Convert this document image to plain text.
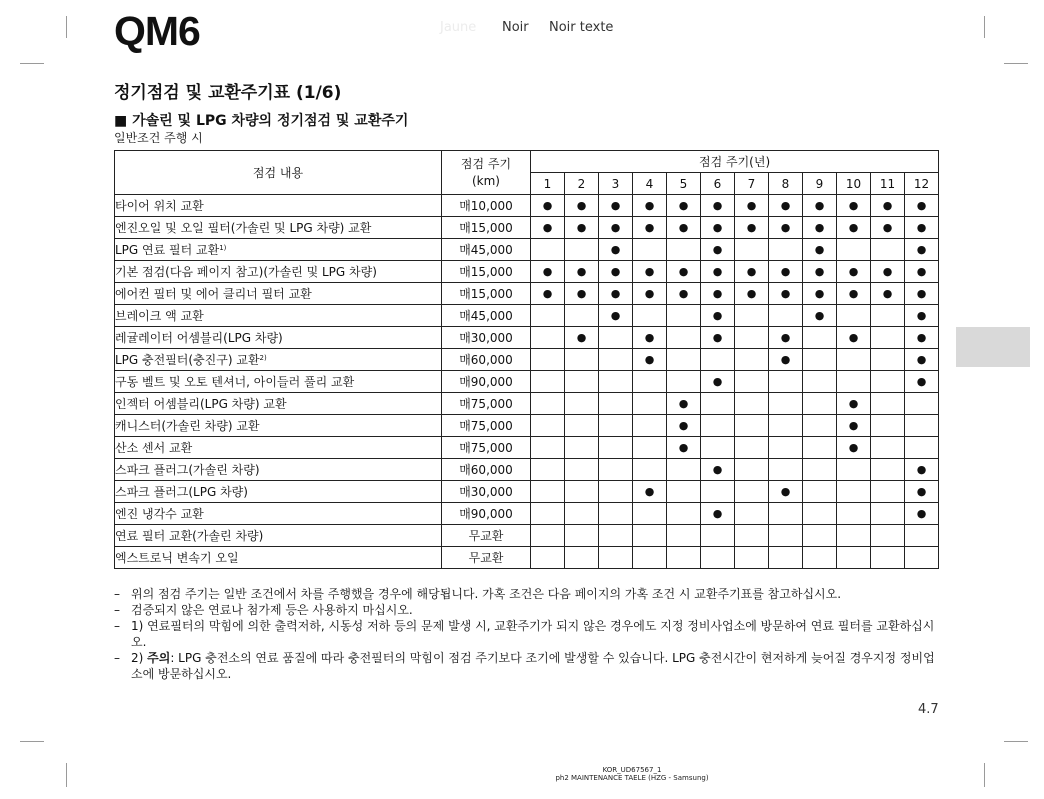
QM6	Jaune Noir Noir texte
정기점검 및 교환주기표 (1/6)
■ 가솔린 및 LPG 차량의 정기점검 및 교환주기

일반조건 주행 시

점검 내용	점검 주기
(km)	점검 주기(년)											
		1	2	3	4	5	6	7	8	9	10	11	12
타이어 위치 교환	매10,000	●	●	●	●	●	●	●	●	●	●	●	●
엔진오일 및 오일 필터(가솔린 및 LPG 차량) 교환	매15,000	●	●	●	●	●	●	●	●	●	●	●	●
LPG 연료 필터 교환$^{1)}$	매45,000			●			●			●			●
기본 점검(다음 페이지 참고)(가솔린 및 LPG 차량)	매15,000	●	●	●	●	●	●	●	●	●	●	●	●
에어컨 필터 및 에어 클리너 필터 교환	매15,000	●	●	●	●	●	●	●	●	●	●	●	●
브레이크 액 교환	매45,000			●			●			●			●
레귤레이터 어셈블리(LPG 차량)	매30,000		●		●		●		●		●		●
LPG 충전필터(충진구) 교환$^{2)}$	매60,000				●				●				●
구동 벨트 및 오토 텐셔너, 아이들러 풀리 교환	매90,000						●						●
인젝터 어셈블리(LPG 차량) 교환	매75,000					●					●		
캐니스터(가솔린 차량) 교환	매75,000					●					●		
산소 센서 교환	매75,000					●					●		
스파크 플러그(가솔린 차량)	매60,000						●						●
스파크 플러그(LPG 차량)	매30,000				●				●				●
엔진 냉각수 교환	매90,000						●						●
연료 필터 교환(가솔린 차량)	무교환												
엑스트로닉 변속기 오일	무교환												

– 위의 점검 주기는 일반 조건에서 차를 주행했을 경우에 해당됩니다. 가혹 조건은 다음 페이지의 가혹 조건 시 교환주기표를 참고하십시오.

– 검증되지 않은 연료나 첨가제 등은 사용하지 마십시오.

– 1) 연료필터의 막힘에 의한 출력저하, 시동성 저하 등의 문제 발생 시, 교환주기가 되지 않은 경우에도 지정 정비사업소에 방문하여 연료 필터를 교환하십시오.

– 2) 주의: LPG 충전소의 연료 품질에 따라 충전필터의 막힘이 점검 주기보다 조기에 발생할 수 있습니다. LPG 충전시간이 현저하게 늦어질 경우지정 정비업소에 방문하십시오.

4.7
KOR_UD67567_1
ph2 MAINTENANCE TAELE (HZG - Samsung)
